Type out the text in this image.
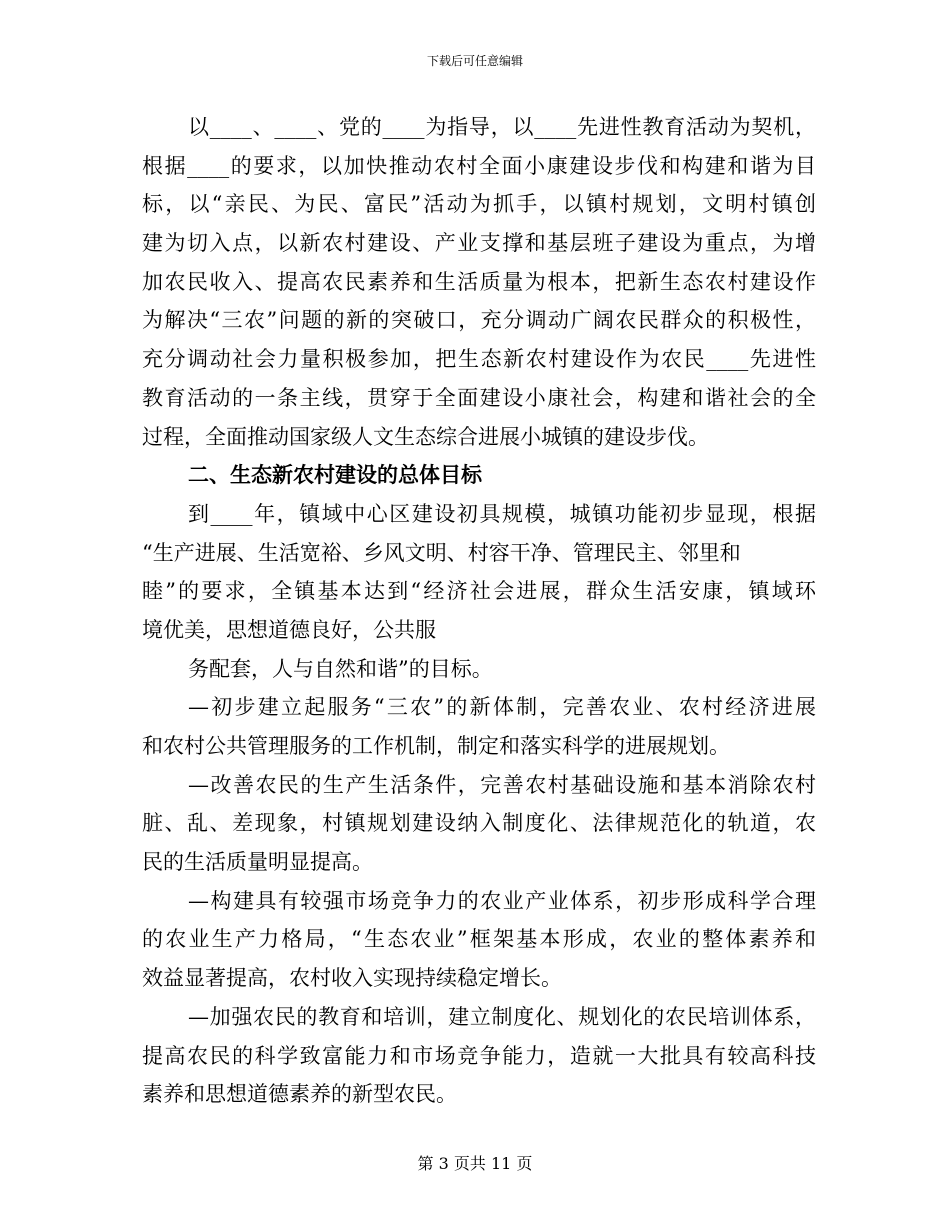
下载后可任意编辑
以____、____、党的____为指导，以____先进性教育活动为契机，
根据____的要求，以加快推动农村全面小康建设步伐和构建和谐为目
标，以“亲民、为民、富民”活动为抓手，以镇村规划，文明村镇创
建为切入点，以新农村建设、产业支撑和基层班子建设为重点，为增
加农民收入、提高农民素养和生活质量为根本，把新生态农村建设作
为解决“三农”问题的新的突破口，充分调动广阔农民群众的积极性，
充分调动社会力量积极参加，把生态新农村建设作为农民____先进性
教育活动的一条主线，贯穿于全面建设小康社会，构建和谐社会的全
过程，全面推动国家级人文生态综合进展小城镇的建设步伐。
二、生态新农村建设的总体目标
到____年，镇域中心区建设初具规模，城镇功能初步显现，根据
“生产进展、生活宽裕、乡风文明、村容干净、管理民主、邻里和
睦”的要求，全镇基本达到“经济社会进展，群众生活安康，镇域环
境优美，思想道德良好，公共服
务配套，人与自然和谐”的目标。
—初步建立起服务“三农”的新体制，完善农业、农村经济进展
和农村公共管理服务的工作机制，制定和落实科学的进展规划。
—改善农民的生产生活条件，完善农村基础设施和基本消除农村
脏、乱、差现象，村镇规划建设纳入制度化、法律规范化的轨道，农
民的生活质量明显提高。
—构建具有较强市场竞争力的农业产业体系，初步形成科学合理
的农业生产力格局，“生态农业”框架基本形成，农业的整体素养和
效益显著提高，农村收入实现持续稳定增长。
—加强农民的教育和培训，建立制度化、规划化的农民培训体系，
提高农民的科学致富能力和市场竞争能力，造就一大批具有较高科技
素养和思想道德素养的新型农民。
第 3 页共 11 页
